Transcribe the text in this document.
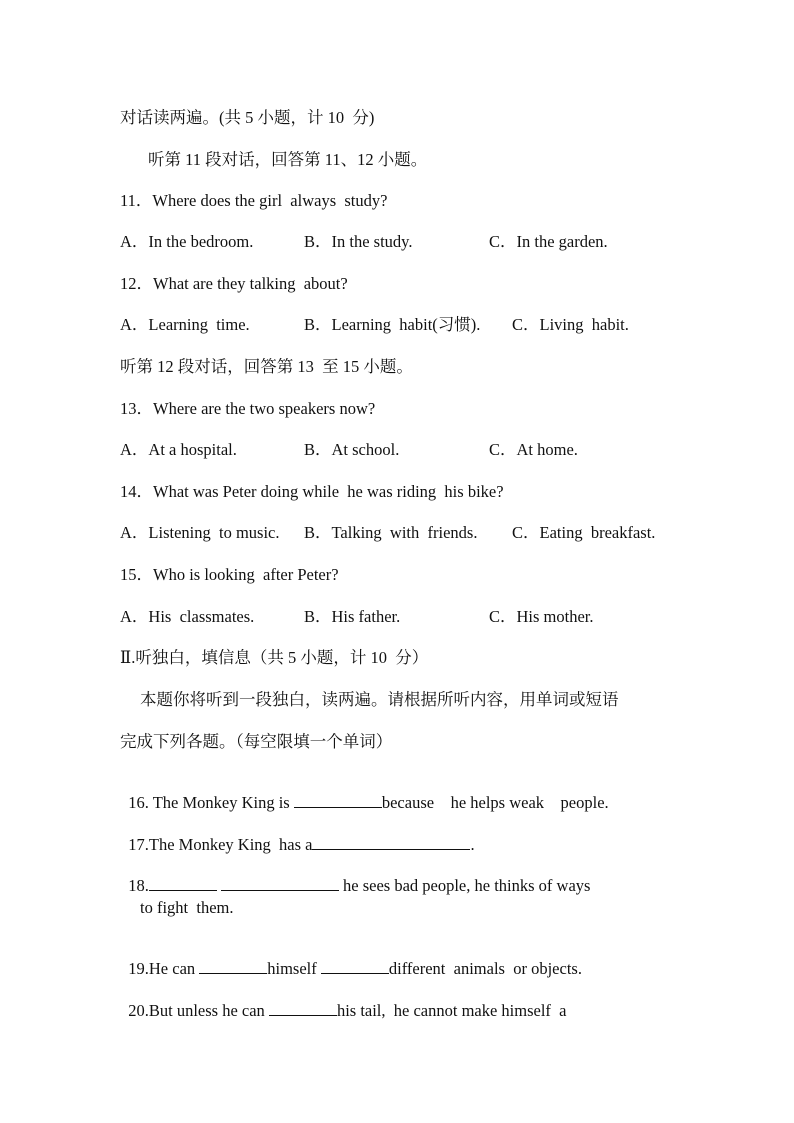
对话读两遍。(共 5 小题，计 10  分)
听第 11 段对话，回答第 11、12 小题。
11．Where does the girl  always  study?
A．In the bedroom.	B．In the study.	C．In the garden.
12．What are they talking  about?
A．Learning  time.	B．Learning  habit(习惯). C．Living  habit.
听第 12 段对话，回答第 13  至 15 小题。
13．Where are the two speakers now?
A．At a hospital.	B．At school.	C．At home.
14．What was Peter doing while  he was riding  his bike?
A．Listening  to music. B．Talking  with  friends. C．Eating  breakfast.
15．Who is looking  after Peter?
A．His  classmates.	B．His father.	C．His mother.
Ⅱ.听独白，填信息（共 5 小题，计 10  分）
本题你将听到一段独白，读两遍。请根据所听内容，用单词或短语
完成下列各题。（每空限填一个单词）

16. The Monkey King is	because    he helps weak    people.

17.The Monkey King  has a	.

18.	he sees bad people, he thinks of ways

to fight  them.

19.He can	himself	different  animals  or objects.

20.But unless he can	his tail,  he cannot make himself  a
